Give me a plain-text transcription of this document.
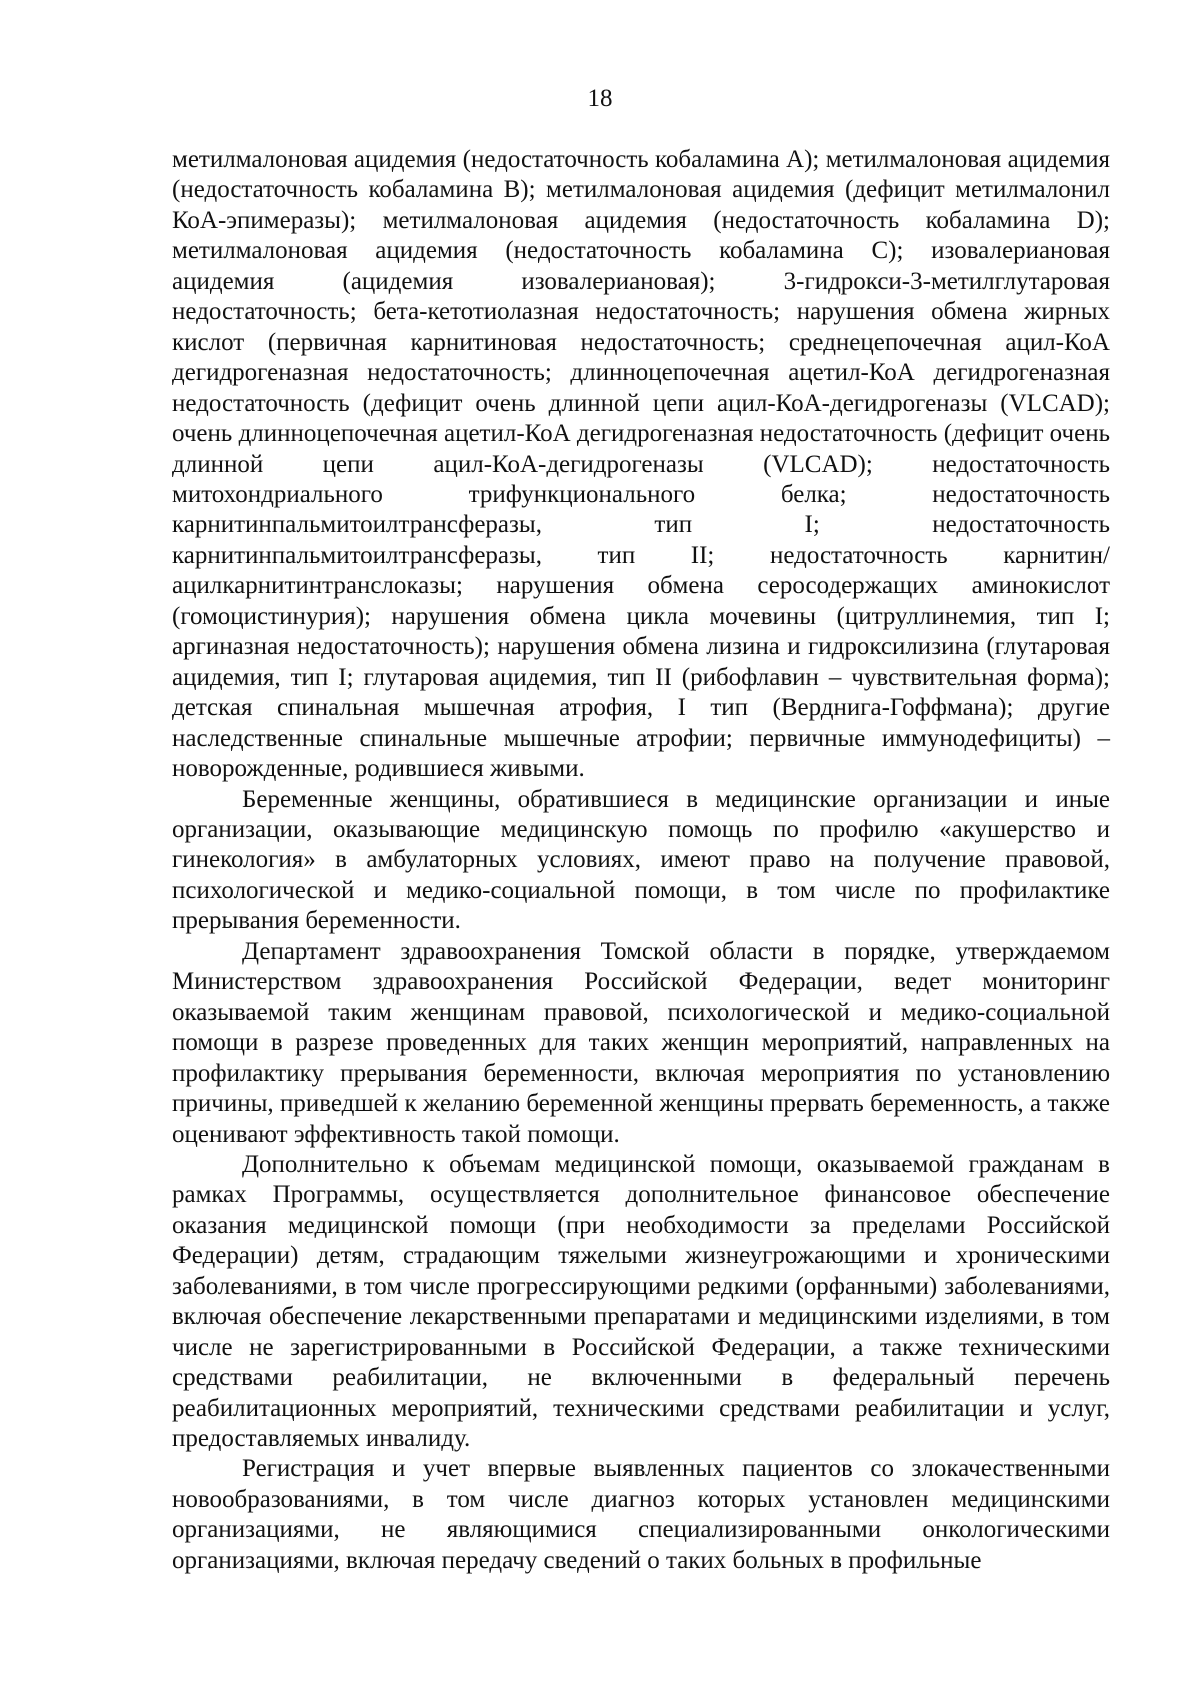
18

метилмалоновая ацидемия (недостаточность кобаламина A); метилмалоновая ацидемия (недостаточность кобаламина B); метилмалоновая ацидемия (дефицит метилмалонил КоА-эпимеразы); метилмалоновая ацидемия (недостаточность кобаламина D); метилмалоновая ацидемия (недостаточность кобаламина C); изовалериановая ацидемия (ацидемия изовалериановая); 3-гидрокси-3-метилглутаровая недостаточность; бета-кетотиолазная недостаточность; нарушения обмена жирных кислот (первичная карнитиновая недостаточность; среднецепочечная ацил-КоА дегидрогеназная недостаточность; длинноцепочечная ацетил-КоА дегидрогеназная недостаточность (дефицит очень длинной цепи ацил-КоА-дегидрогеназы (VLCAD); очень длинноцепочечная ацетил-КоА дегидрогеназная недостаточность (дефицит очень длинной цепи ацил-КоА-дегидрогеназы (VLCAD); недостаточность митохондриального трифункционального белка; недостаточность карнитинпальмитоилтрансферазы, тип I; недостаточность карнитинпальмитоилтрансферазы, тип II; недостаточность карнитин/ацилкарнитинтранслоказы; нарушения обмена серосодержащих аминокислот (гомоцистинурия); нарушения обмена цикла мочевины (цитруллинемия, тип I; аргиназная недостаточность); нарушения обмена лизина и гидроксилизина (глутаровая ацидемия, тип I; глутаровая ацидемия, тип II (рибофлавин – чувствительная форма); детская спинальная мышечная атрофия, I тип (Верднига-Гоффмана); другие наследственные спинальные мышечные атрофии; первичные иммунодефициты) – новорожденные, родившиеся живыми.

Беременные женщины, обратившиеся в медицинские организации и иные организации, оказывающие медицинскую помощь по профилю «акушерство и гинекология» в амбулаторных условиях, имеют право на получение правовой, психологической и медико-социальной помощи, в том числе по профилактике прерывания беременности.

Департамент здравоохранения Томской области в порядке, утверждаемом Министерством здравоохранения Российской Федерации, ведет мониторинг оказываемой таким женщинам правовой, психологической и медико-социальной помощи в разрезе проведенных для таких женщин мероприятий, направленных на профилактику прерывания беременности, включая мероприятия по установлению причины, приведшей к желанию беременной женщины прервать беременность, а также оценивают эффективность такой помощи.

Дополнительно к объемам медицинской помощи, оказываемой гражданам в рамках Программы, осуществляется дополнительное финансовое обеспечение оказания медицинской помощи (при необходимости за пределами Российской Федерации) детям, страдающим тяжелыми жизнеугрожающими и хроническими заболеваниями, в том числе прогрессирующими редкими (орфанными) заболеваниями, включая обеспечение лекарственными препаратами и медицинскими изделиями, в том числе не зарегистрированными в Российской Федерации, а также техническими средствами реабилитации, не включенными в федеральный перечень реабилитационных мероприятий, техническими средствами реабилитации и услуг, предоставляемых инвалиду.

Регистрация и учет впервые выявленных пациентов со злокачественными новообразованиями, в том числе диагноз которых установлен медицинскими организациями, не являющимися специализированными онкологическими организациями, включая передачу сведений о таких больных в профильные
